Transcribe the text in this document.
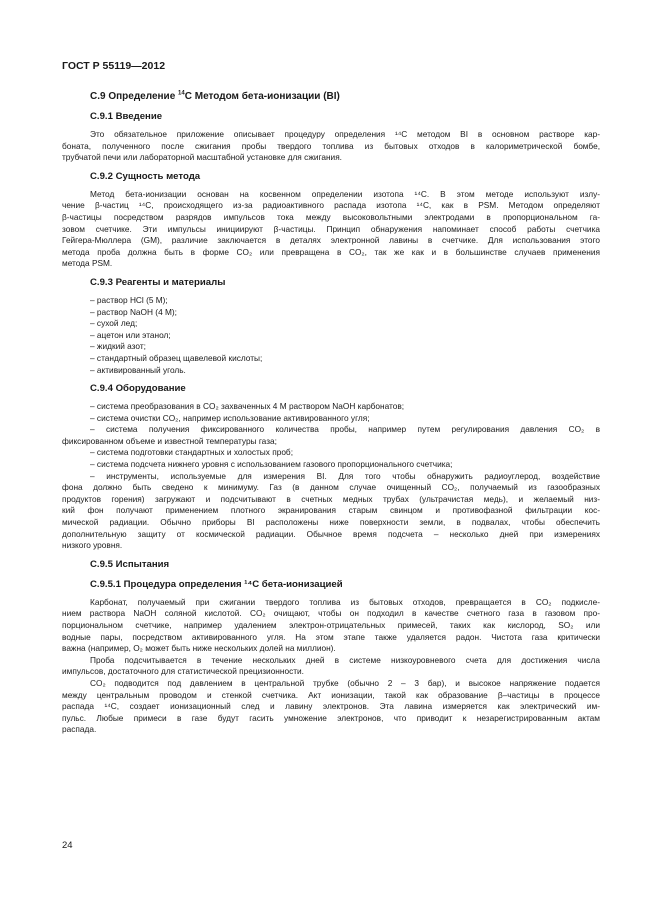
ГОСТ Р 55119—2012
С.9 Определение $^{14}$С Методом бета-ионизации (BI)
С.9.1 Введение
Это обязательное приложение описывает процедуру определения ¹⁴С методом BI в основном растворе кар-
боната, полученного после сжигания пробы твердого топлива из бытовых отходов в калориметрической бомбе,
трубчатой печи или лабораторной масштабной установке для сжигания.
С.9.2 Сущность метода
Метод бета-ионизации основан на косвенном определении изотопа ¹⁴С. В этом методе используют излу-
чение β-частиц ¹⁴С, происходящего из-за радиоактивного распада изотопа ¹⁴С, как в PSM. Методом определяют
β-частицы посредством разрядов импульсов тока между высоковольтными электродами в пропорциональном га-
зовом счетчике. Эти импульсы инициируют β-частицы. Принцип обнаружения напоминает способ работы счетчика
Гейгера-Мюллера (GM), различие заключается в деталях электронной лавины в счетчике. Для использования этого
метода проба должна быть в форме CO₂ или превращена в CO₂, так же как и в большинстве случаев применения
метода PSM.
С.9.3 Реагенты и материалы
– раствор HCl (5 М);
– раствор NaOH (4 М);
– сухой лед;
– ацетон или этанол;
– жидкий азот;
– стандартный образец щавелевой кислоты;
– активированный уголь.
С.9.4 Оборудование
– система преобразования в CO₂ захваченных 4 М раствором NaOH карбонатов;
– система очистки CO₂, например использование активированного угля;
– система получения фиксированного количества пробы, например путем регулирования давления CO₂ в
фиксированном объеме и известной температуры газа;
– система подготовки стандартных и холостых проб;
– система подсчета нижнего уровня с использованием газового пропорционального счетчика;
– инструменты, используемые для измерения BI. Для того чтобы обнаружить радиоуглерод, воздействие
фона должно быть сведено к минимуму. Газ (в данном случае очищенный CO₂, получаемый из газообразных
продуктов горения) загружают и подсчитывают в счетных медных трубах (ультрачистая медь), и желаемый низ-
кий фон получают применением плотного экранирования старым свинцом и противофазной фильтрации кос-
мической радиации. Обычно приборы BI расположены ниже поверхности земли, в подвалах, чтобы обеспечить
дополнительную защиту от космической радиации. Обычное время подсчета – несколько дней при измерениях
низкого уровня.
С.9.5 Испытания
С.9.5.1 Процедура определения ¹⁴С бета-ионизацией
Карбонат, получаемый при сжигании твердого топлива из бытовых отходов, превращается в CO₂ подкисле-
нием раствора NaOH соляной кислотой. CO₂ очищают, чтобы он подходил в качестве счетного газа в газовом про-
порциональном счетчике, например удалением электрон-отрицательных примесей, таких как кислород, SO₂ или
водные пары, посредством активированного угля. На этом этапе также удаляется радон. Чистота газа критически
важна (например, O₂ может быть ниже нескольких долей на миллион).
Проба подсчитывается в течение нескольких дней в системе низкоуровневого счета для достижения числа
импульсов, достаточного для статистической прецизионности.
CO₂ подводится под давлением в центральной трубке (обычно 2 – 3 бар), и высокое напряжение подается
между центральным проводом и стенкой счетчика. Акт ионизации, такой как образование β–частицы в процессе
распада ¹⁴С, создает ионизационный след и лавину электронов. Эта лавина измеряется как электрический им-
пульс. Любые примеси в газе будут гасить умножение электронов, что приводит к незарегистрированным актам
распада.
24
